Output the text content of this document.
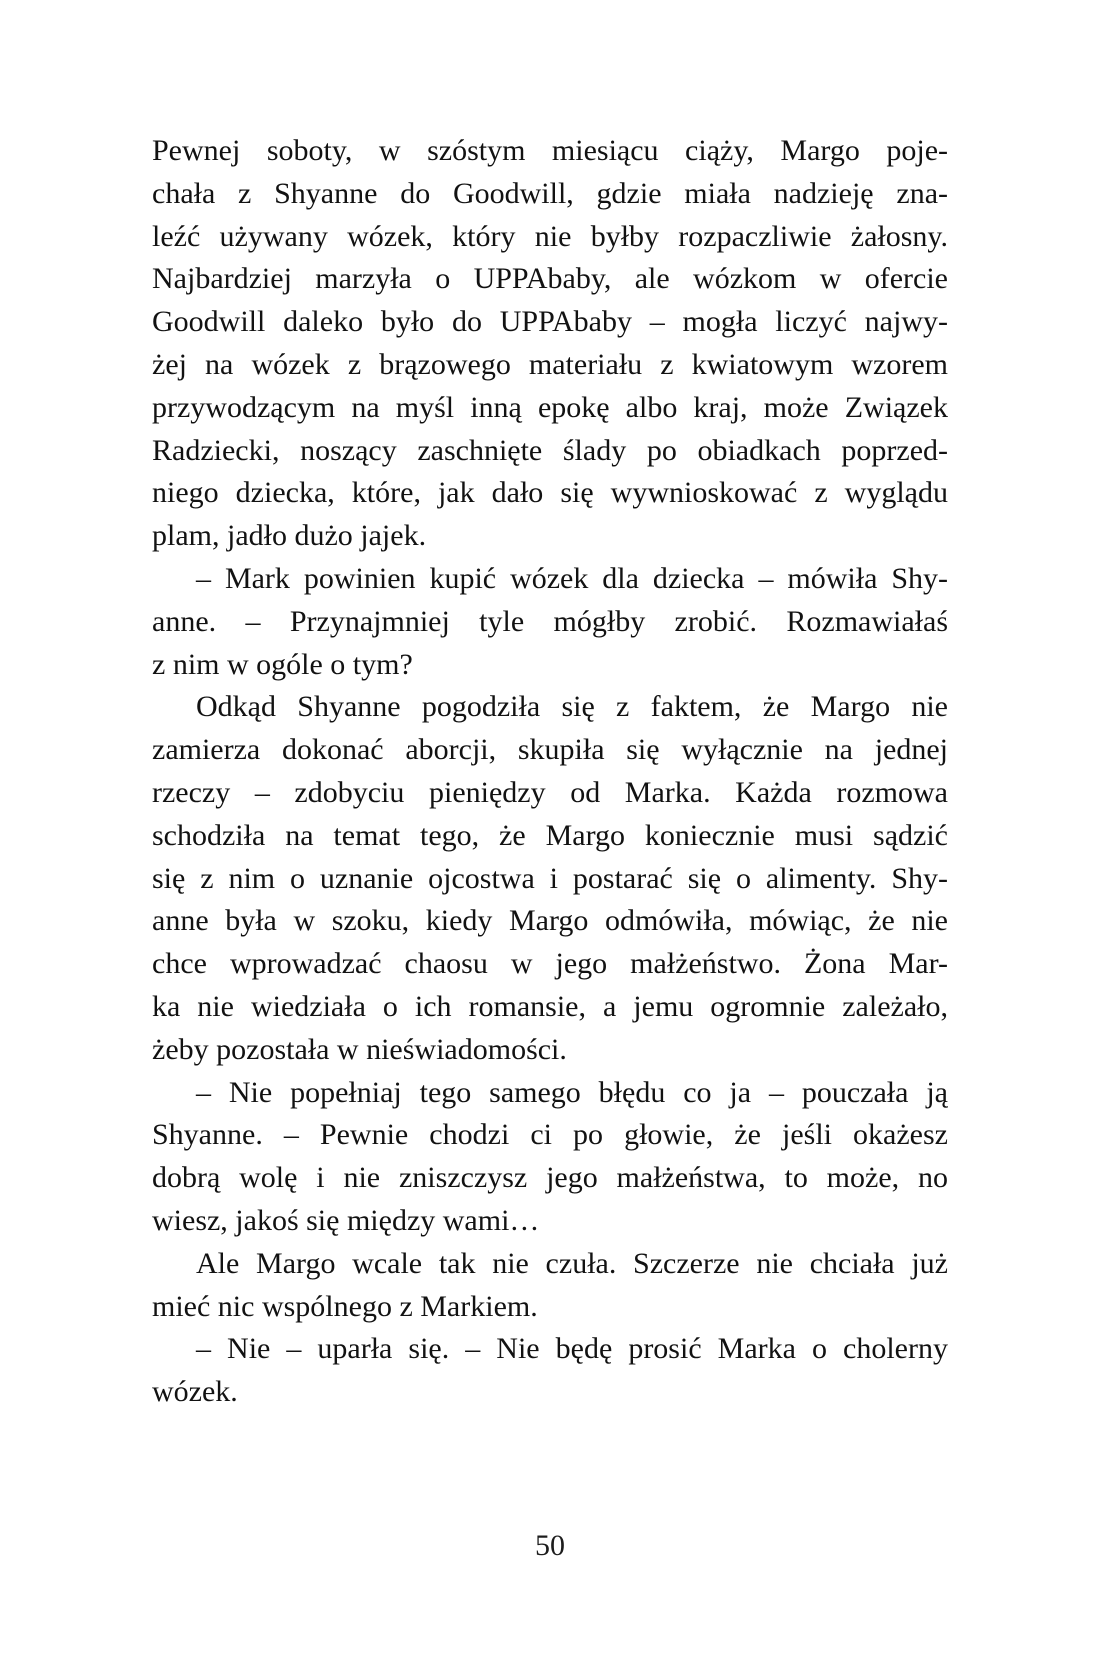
Pewnej soboty, w szóstym miesiącu ciąży, Margo poje-
chała z Shyanne do Goodwill, gdzie miała nadzieję zna-
leźć używany wózek, który nie byłby rozpaczliwie żałosny.
Najbardziej marzyła o UPPAbaby, ale wózkom w ofercie
Goodwill daleko było do UPPAbaby – mogła liczyć najwy-
żej na wózek z brązowego materiału z kwiatowym wzorem
przywodzącym na myśl inną epokę albo kraj, może Związek
Radziecki, noszący zaschnięte ślady po obiadkach poprzed-
niego dziecka, które, jak dało się wywnioskować z wyglądu
plam, jadło dużo jajek.
– Mark powinien kupić wózek dla dziecka – mówiła Shy-
anne. – Przynajmniej tyle mógłby zrobić. Rozmawiałaś
z nim w ogóle o tym?
Odkąd Shyanne pogodziła się z faktem, że Margo nie
zamierza dokonać aborcji, skupiła się wyłącznie na jednej
rzeczy – zdobyciu pieniędzy od Marka. Każda rozmowa
schodziła na temat tego, że Margo koniecznie musi sądzić
się z nim o uznanie ojcostwa i postarać się o alimenty. Shy-
anne była w szoku, kiedy Margo odmówiła, mówiąc, że nie
chce wprowadzać chaosu w jego małżeństwo. Żona Mar-
ka nie wiedziała o ich romansie, a jemu ogromnie zależało,
żeby pozostała w nieświadomości.
– Nie popełniaj tego samego błędu co ja – pouczała ją
Shyanne. – Pewnie chodzi ci po głowie, że jeśli okażesz
dobrą wolę i nie zniszczysz jego małżeństwa, to może, no
wiesz, jakoś się między wami…
Ale Margo wcale tak nie czuła. Szczerze nie chciała już
mieć nic wspólnego z Markiem.
– Nie – uparła się. – Nie będę prosić Marka o cholerny
wózek.
50
